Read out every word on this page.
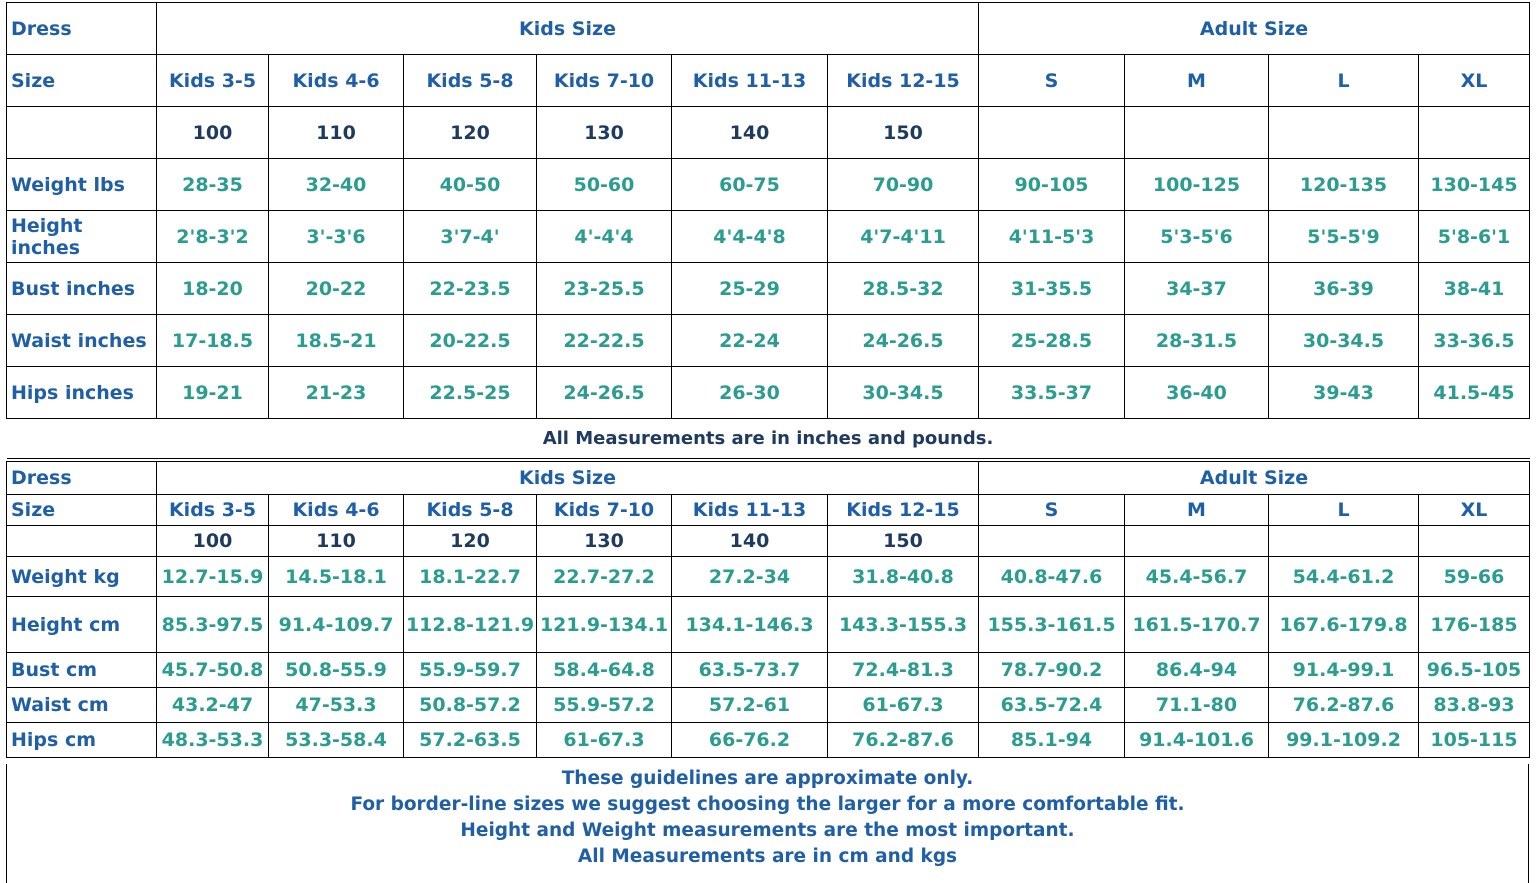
Dress	Kids Size						Adult Size			
Size	Kids 3-5	Kids 4-6	Kids 5-8	Kids 7-10	Kids 11-13	Kids 12-15	S	M	L	XL
	100	110	120	130	140	150				
Weight lbs	28-35	32-40	40-50	50-60	60-75	70-90	90-105	100-125	120-135	130-145
Height inches	2'8-3'2	3'-3'6	3'7-4'	4'-4'4	4'4-4'8	4'7-4'11	4'11-5'3	5'3-5'6	5'5-5'9	5'8-6'1
Bust inches	18-20	20-22	22-23.5	23-25.5	25-29	28.5-32	31-35.5	34-37	36-39	38-41
Waist inches	17-18.5	18.5-21	20-22.5	22-22.5	22-24	24-26.5	25-28.5	28-31.5	30-34.5	33-36.5
Hips inches	19-21	21-23	22.5-25	24-26.5	26-30	30-34.5	33.5-37	36-40	39-43	41.5-45
All Measurements are in inches and pounds.										
Dress	Kids Size						Adult Size			
Size	Kids 3-5	Kids 4-6	Kids 5-8	Kids 7-10	Kids 11-13	Kids 12-15	S	M	L	XL
	100	110	120	130	140	150				
Weight kg	12.7-15.9	14.5-18.1	18.1-22.7	22.7-27.2	27.2-34	31.8-40.8	40.8-47.6	45.4-56.7	54.4-61.2	59-66
Height cm	85.3-97.5	91.4-109.7	112.8-121.9	121.9-134.1	134.1-146.3	143.3-155.3	155.3-161.5	161.5-170.7	167.6-179.8	176-185
Bust cm	45.7-50.8	50.8-55.9	55.9-59.7	58.4-64.8	63.5-73.7	72.4-81.3	78.7-90.2	86.4-94	91.4-99.1	96.5-105
Waist cm	43.2-47	47-53.3	50.8-57.2	55.9-57.2	57.2-61	61-67.3	63.5-72.4	71.1-80	76.2-87.6	83.8-93
Hips cm	48.3-53.3	53.3-58.4	57.2-63.5	61-67.3	66-76.2	76.2-87.6	85.1-94	91.4-101.6	99.1-109.2	105-115
These guidelines are approximate only.
For border-line sizes we suggest choosing the larger for a more comfortable fit.
Height and Weight measurements are the most important.
All Measurements are in cm and kgs
